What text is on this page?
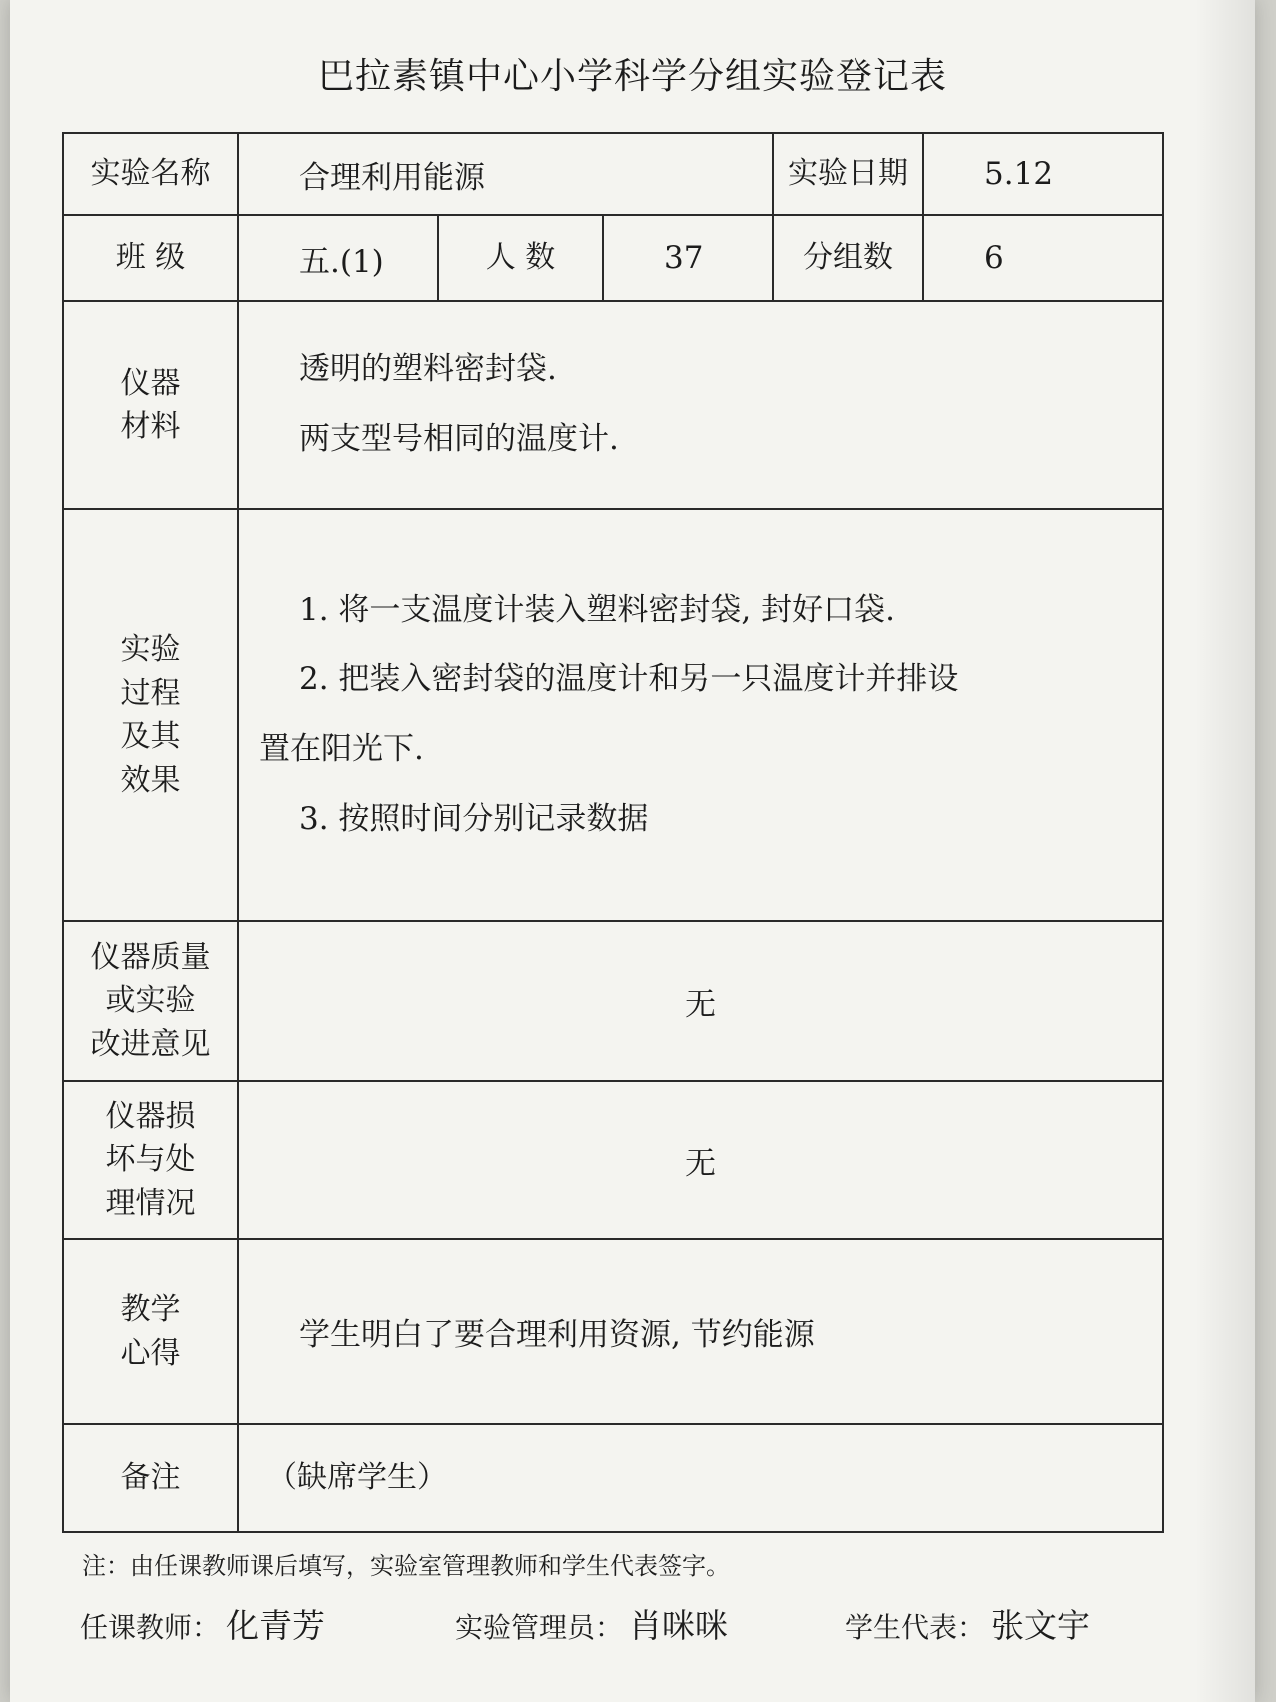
巴拉素镇中心小学科学分组实验登记表
实验名称	合理利用能源			实验日期	5.12
班 级	五.(1)	人 数	37	分组数	6

仪器
材料	透明的塑料密封袋.
两支型号相同的温度计.				

实验
过程
及其
效果	1. 将一支温度计装入塑料密封袋, 封好口袋.
2. 把装入密封袋的温度计和另一只温度计并排设
置在阳光下.
3. 按照时间分别记录数据				

仪器质量
或实验
改进意见	无				

仪器损
坏与处
理情况	无				

教学
心得	学生明白了要合理利用资源, 节约能源				
备注	（缺席学生）				
注：由任课教师课后填写，实验室管理教师和学生代表签字。
任课教师： 化青芳	实验管理员： 肖咪咪	学生代表： 张文宇
